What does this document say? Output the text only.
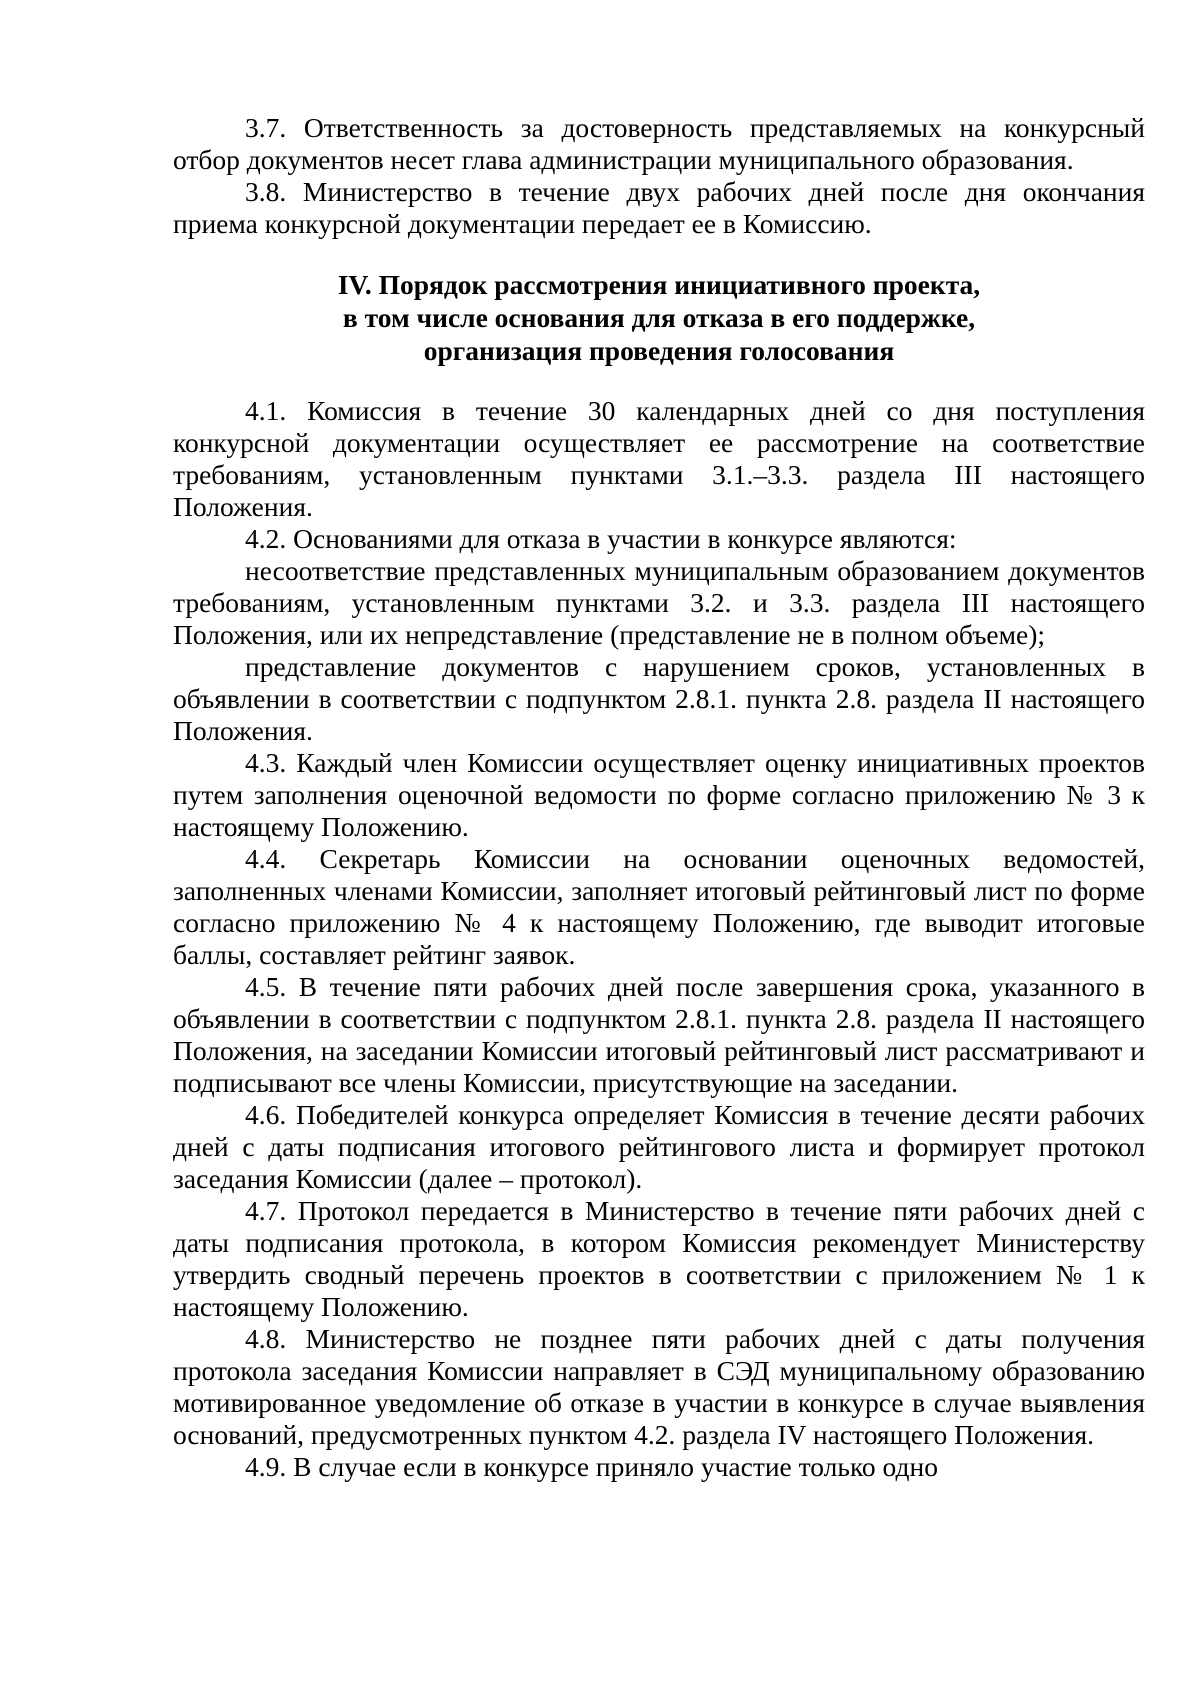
3.7. Ответственность за достоверность представляемых на конкурсный отбор документов несет глава администрации муниципального образования.

3.8. Министерство в течение двух рабочих дней после дня окончания приема конкурсной документации передает ее в Комиссию.

IV. Порядок рассмотрения инициативного проекта,
в том числе основания для отказа в его поддержке,
организация проведения голосования

4.1. Комиссия в течение 30 календарных дней со дня поступления конкурсной документации осуществляет ее рассмотрение на соответствие требованиям, установленным пунктами 3.1.–3.3. раздела III настоящего Положения.

4.2. Основаниями для отказа в участии в конкурсе являются:

несоответствие представленных муниципальным образованием документов требованиям, установленным пунктами 3.2. и 3.3. раздела III настоящего Положения, или их непредставление (представление не в полном объеме);

представление документов с нарушением сроков, установленных в объявлении в соответствии с подпунктом 2.8.1. пункта 2.8. раздела II настоящего Положения.

4.3. Каждый член Комиссии осуществляет оценку инициативных проектов путем заполнения оценочной ведомости по форме согласно приложению № 3 к настоящему Положению.

4.4. Секретарь Комиссии на основании оценочных ведомостей, заполненных членами Комиссии, заполняет итоговый рейтинговый лист по форме согласно приложению № 4 к настоящему Положению, где выводит итоговые баллы, составляет рейтинг заявок.

4.5. В течение пяти рабочих дней после завершения срока, указанного в объявлении в соответствии с подпунктом 2.8.1. пункта 2.8. раздела II настоящего Положения, на заседании Комиссии итоговый рейтинговый лист рассматривают и подписывают все члены Комиссии, присутствующие на заседании.

4.6. Победителей конкурса определяет Комиссия в течение десяти рабочих дней с даты подписания итогового рейтингового листа и формирует протокол заседания Комиссии (далее – протокол).

4.7. Протокол передается в Министерство в течение пяти рабочих дней с даты подписания протокола, в котором Комиссия рекомендует Министерству утвердить сводный перечень проектов в соответствии с приложением № 1 к настоящему Положению.

4.8. Министерство не позднее пяти рабочих дней с даты получения протокола заседания Комиссии направляет в СЭД муниципальному образованию мотивированное уведомление об отказе в участии в конкурсе в случае выявления оснований, предусмотренных пунктом 4.2. раздела IV настоящего Положения.

4.9. В случае если в конкурсе приняло участие только одно
